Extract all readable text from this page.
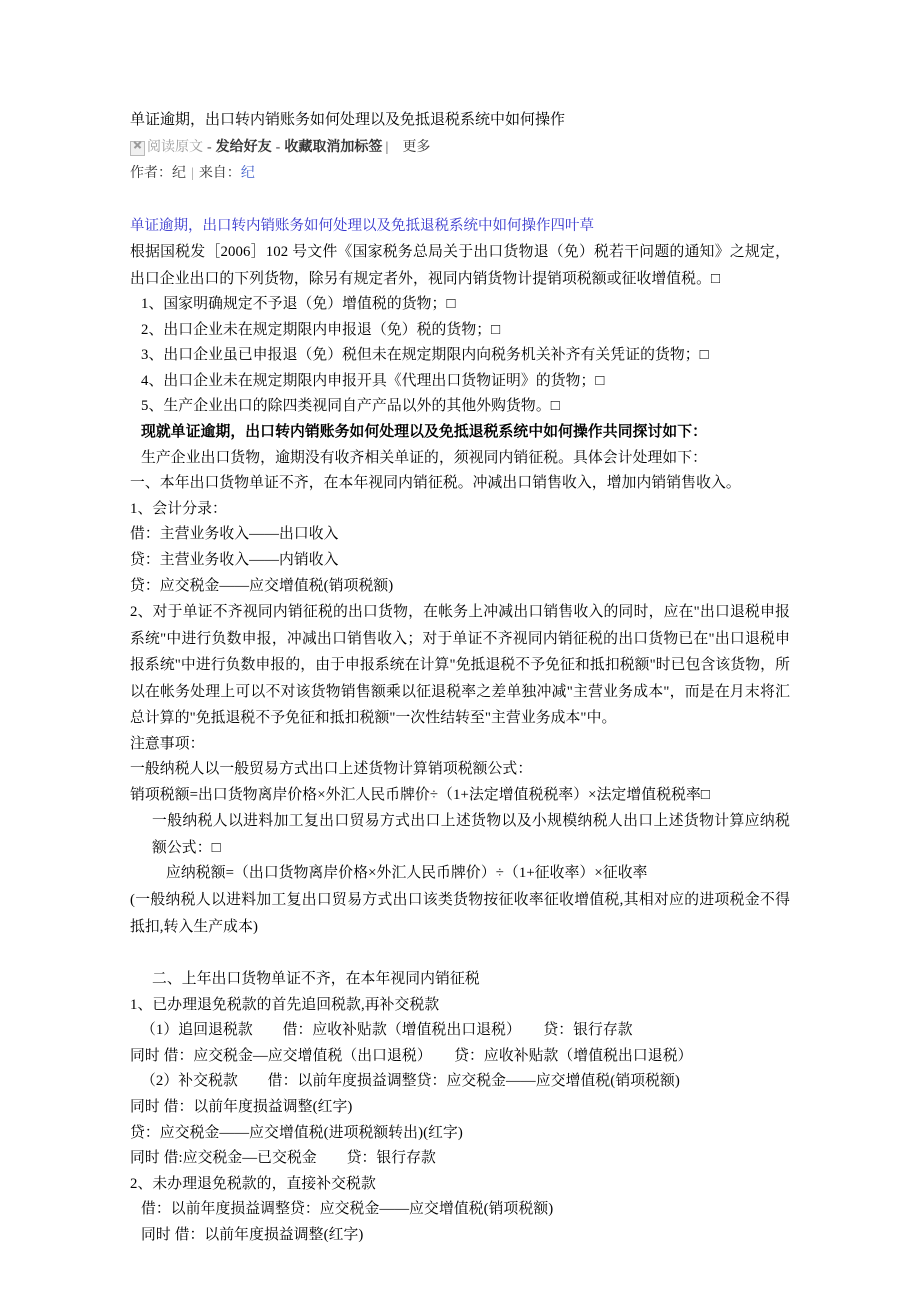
单证逾期，出口转内销账务如何处理以及免抵退税系统中如何操作
阅读原文 - 发给好友 - 收藏取消加标签 |	更多
作者：纪 | 来自：纪

单证逾期，出口转内销账务如何处理以及免抵退税系统中如何操作四叶草

根据国税发［2006］102 号文件《国家税务总局关于出口货物退（免）税若干问题的通知》之规定，出口企业出口的下列货物，除另有规定者外，视同内销货物计提销项税额或征收增值税。□

1、国家明确规定不予退（免）增值税的货物；□

2、出口企业未在规定期限内申报退（免）税的货物；□

3、出口企业虽已申报退（免）税但未在规定期限内向税务机关补齐有关凭证的货物；□

4、出口企业未在规定期限内申报开具《代理出口货物证明》的货物；□

5、生产企业出口的除四类视同自产产品以外的其他外购货物。□

现就单证逾期，出口转内销账务如何处理以及免抵退税系统中如何操作共同探讨如下：

生产企业出口货物，逾期没有收齐相关单证的，须视同内销征税。具体会计处理如下：

一、本年出口货物单证不齐，在本年视同内销征税。冲减出口销售收入，增加内销销售收入。

1、会计分录：

借：主营业务收入——出口收入

贷：主营业务收入——内销收入

贷：应交税金——应交增值税(销项税额)

2、对于单证不齐视同内销征税的出口货物，在帐务上冲减出口销售收入的同时，应在"出口退税申报系统"中进行负数申报，冲减出口销售收入；对于单证不齐视同内销征税的出口货物已在"出口退税申报系统"中进行负数申报的，由于申报系统在计算"免抵退税不予免征和抵扣税额"时已包含该货物，所以在帐务处理上可以不对该货物销售额乘以征退税率之差单独冲减"主营业务成本"，而是在月末将汇总计算的"免抵退税不予免征和抵扣税额"一次性结转至"主营业务成本"中。

注意事项：

一般纳税人以一般贸易方式出口上述货物计算销项税额公式：

销项税额=出口货物离岸价格×外汇人民币牌价÷（1+法定增值税税率）×法定增值税税率□

一般纳税人以进料加工复出口贸易方式出口上述货物以及小规模纳税人出口上述货物计算应纳税额公式：□

应纳税额=（出口货物离岸价格×外汇人民币牌价）÷（1+征收率）×征收率

(一般纳税人以进料加工复出口贸易方式出口该类货物按征收率征收增值税,其相对应的进项税金不得抵扣,转入生产成本)

二、上年出口货物单证不齐，在本年视同内销征税

1、已办理退免税款的首先追回税款,再补交税款

（1）追回退税款　　借：应收补贴款（增值税出口退税）　　贷：银行存款

同时 借：应交税金—应交增值税（出口退税）　　贷：应收补贴款（增值税出口退税）

（2）补交税款　　借：以前年度损益调整贷：应交税金——应交增值税(销项税额)

同时 借：以前年度损益调整(红字)

贷：应交税金——应交增值税(进项税额转出)(红字)

同时 借:应交税金—已交税金　　贷：银行存款

2、未办理退免税款的，直接补交税款

借：以前年度损益调整贷：应交税金——应交增值税(销项税额)

同时 借：以前年度损益调整(红字)
